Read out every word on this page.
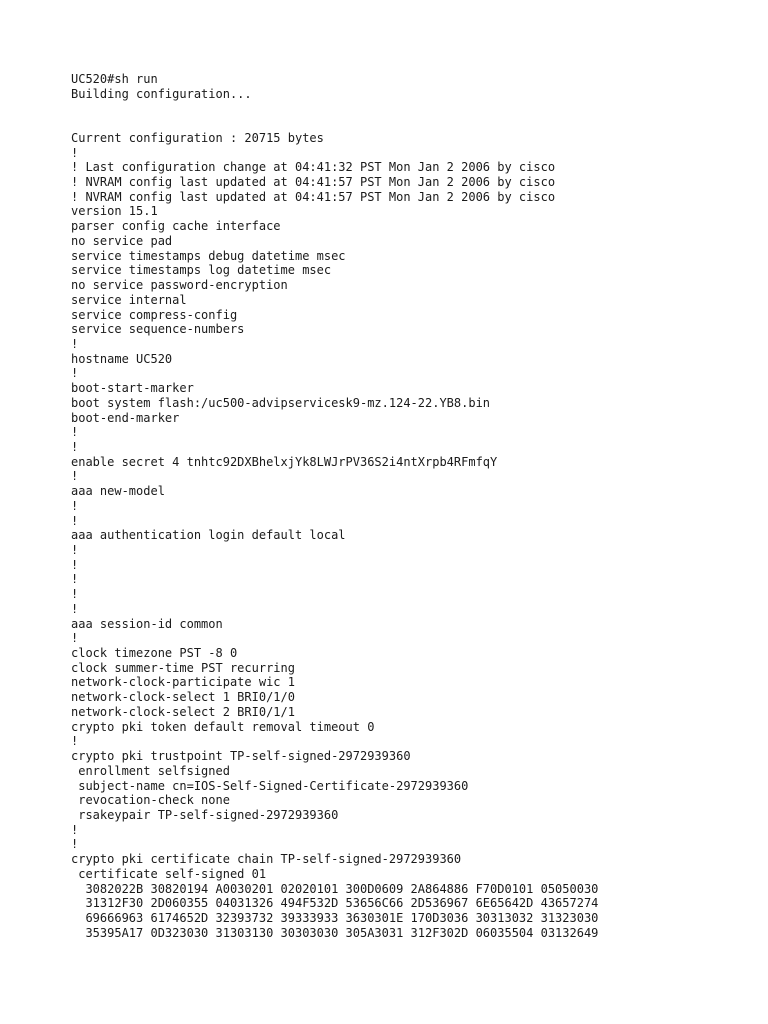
UC520#sh run
Building configuration...
Current configuration : 20715 bytes
!
! Last configuration change at 04:41:32 PST Mon Jan 2 2006 by cisco
! NVRAM config last updated at 04:41:57 PST Mon Jan 2 2006 by cisco
! NVRAM config last updated at 04:41:57 PST Mon Jan 2 2006 by cisco
version 15.1
parser config cache interface
no service pad
service timestamps debug datetime msec
service timestamps log datetime msec
no service password-encryption
service internal
service compress-config
service sequence-numbers
!
hostname UC520
!
boot-start-marker
boot system flash:/uc500-advipservicesk9-mz.124-22.YB8.bin
boot-end-marker
!
!
enable secret 4 tnhtc92DXBhelxjYk8LWJrPV36S2i4ntXrpb4RFmfqY
!
aaa new-model
!
!
aaa authentication login default local
!
!
!
!
!
aaa session-id common
!
clock timezone PST -8 0
clock summer-time PST recurring
network-clock-participate wic 1
network-clock-select 1 BRI0/1/0
network-clock-select 2 BRI0/1/1
crypto pki token default removal timeout 0
!
crypto pki trustpoint TP-self-signed-2972939360
enrollment selfsigned
subject-name cn=IOS-Self-Signed-Certificate-2972939360
revocation-check none
rsakeypair TP-self-signed-2972939360
!
!
crypto pki certificate chain TP-self-signed-2972939360
certificate self-signed 01
3082022B 30820194 A0030201 02020101 300D0609 2A864886 F70D0101 05050030
31312F30 2D060355 04031326 494F532D 53656C66 2D536967 6E65642D 43657274
69666963 6174652D 32393732 39333933 3630301E 170D3036 30313032 31323030
35395A17 0D323030 31303130 30303030 305A3031 312F302D 06035504 03132649
